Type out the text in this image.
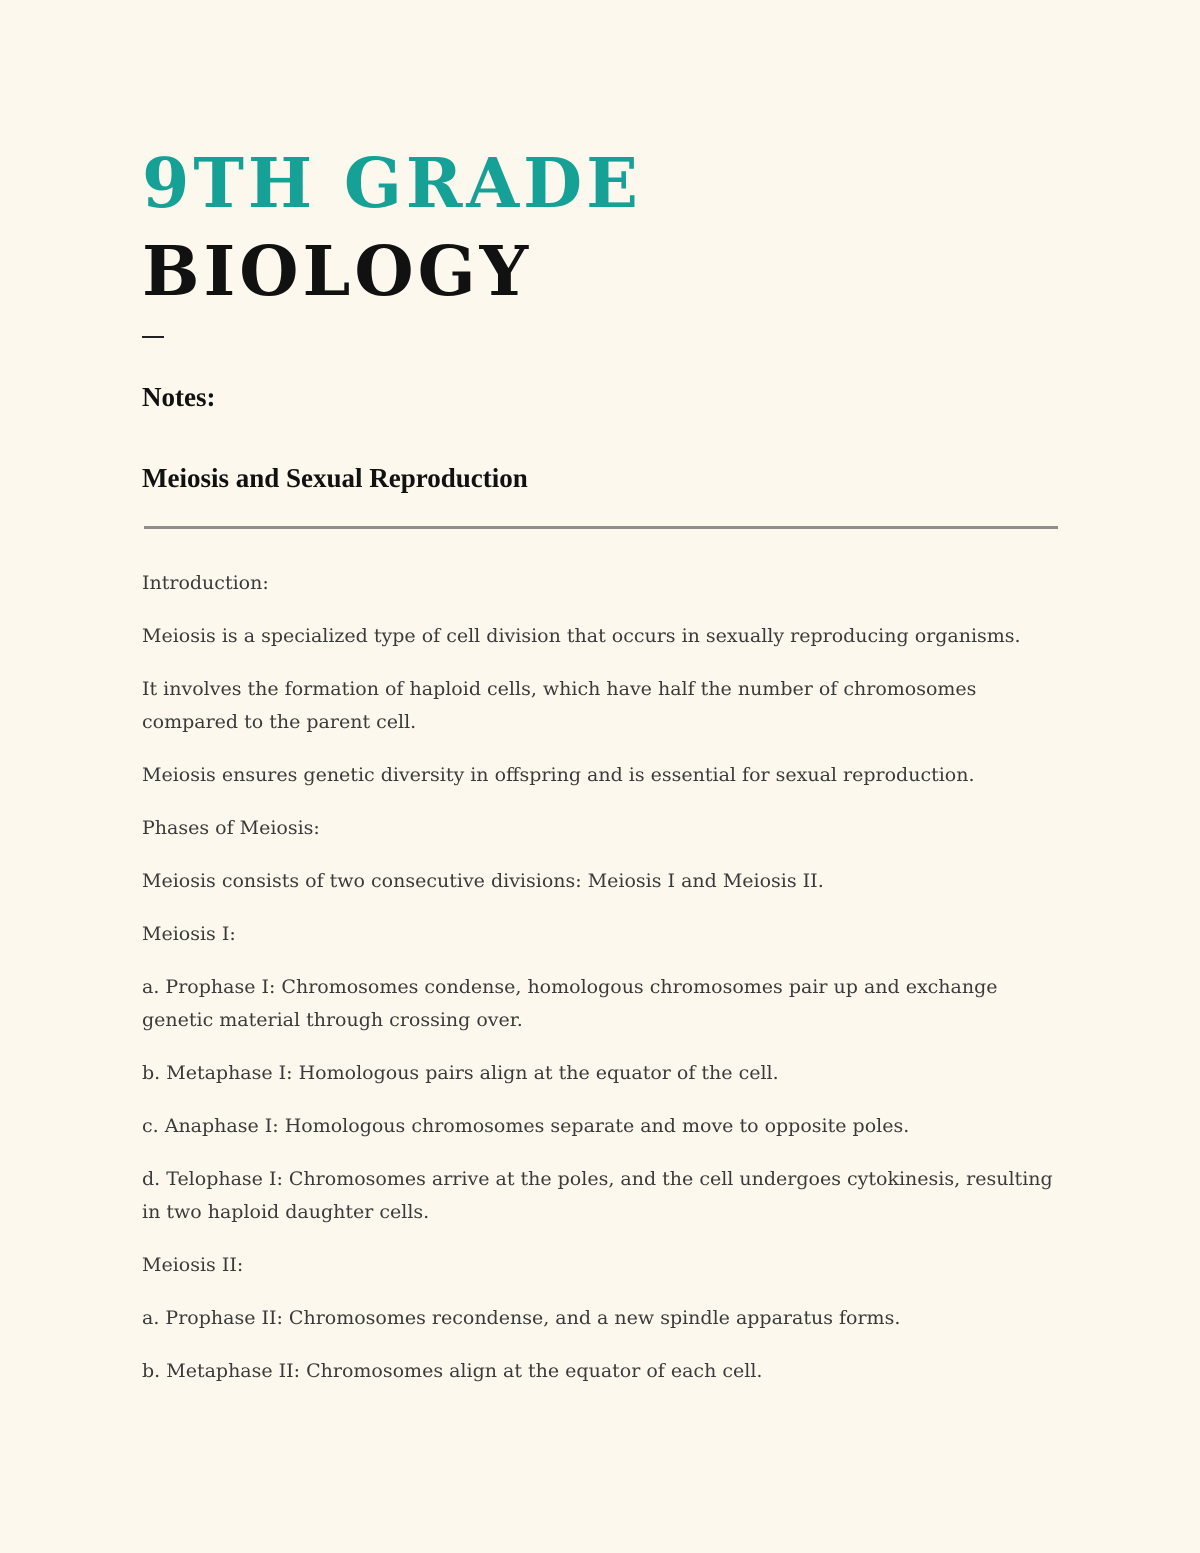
9TH GRADE
BIOLOGY
Notes:
Meiosis and Sexual Reproduction

Introduction:

Meiosis is a specialized type of cell division that occurs in sexually reproducing organisms.

It involves the formation of haploid cells, which have half the number of chromosomes compared to the parent cell.

Meiosis ensures genetic diversity in offspring and is essential for sexual reproduction.

Phases of Meiosis:

Meiosis consists of two consecutive divisions: Meiosis I and Meiosis II.

Meiosis I:

a. Prophase I: Chromosomes condense, homologous chromosomes pair up and exchange genetic material through crossing over.

b. Metaphase I: Homologous pairs align at the equator of the cell.

c. Anaphase I: Homologous chromosomes separate and move to opposite poles.

d. Telophase I: Chromosomes arrive at the poles, and the cell undergoes cytokinesis, resulting in two haploid daughter cells.

Meiosis II:

a. Prophase II: Chromosomes recondense, and a new spindle apparatus forms.

b. Metaphase II: Chromosomes align at the equator of each cell.
